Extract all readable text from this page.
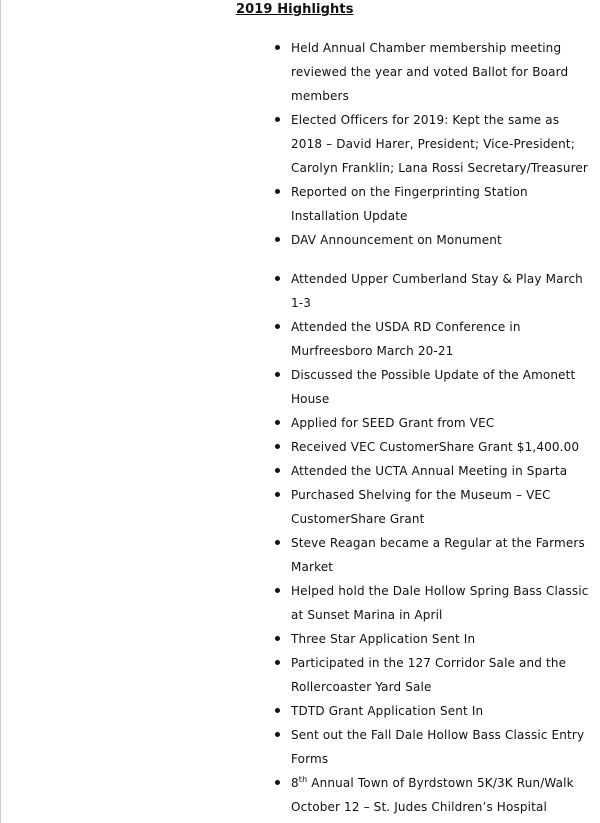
2019 Highlights
Held Annual Chamber membership meeting reviewed the year and voted Ballot for Board members
Elected Officers for 2019: Kept the same as 2018 – David Harer, President; Vice-President; Carolyn Franklin; Lana Rossi Secretary/Treasurer
Reported on the Fingerprinting Station Installation Update
DAV Announcement on Monument
Attended Upper Cumberland Stay & Play March 1-3
Attended the USDA RD Conference in Murfreesboro March 20-21
Discussed the Possible Update of the Amonett House
Applied for SEED Grant from VEC
Received VEC CustomerShare Grant $1,400.00
Attended the UCTA Annual Meeting in Sparta
Purchased Shelving for the Museum – VEC CustomerShare Grant
Steve Reagan became a Regular at the Farmers Market
Helped hold the Dale Hollow Spring Bass Classic at Sunset Marina in April
Three Star Application Sent In
Participated in the 127 Corridor Sale and the Rollercoaster Yard Sale
TDTD Grant Application Sent In
Sent out the Fall Dale Hollow Bass Classic Entry Forms
8th Annual Town of Byrdstown 5K/3K Run/Walk October 12 – St. Judes Children’s Hospital
